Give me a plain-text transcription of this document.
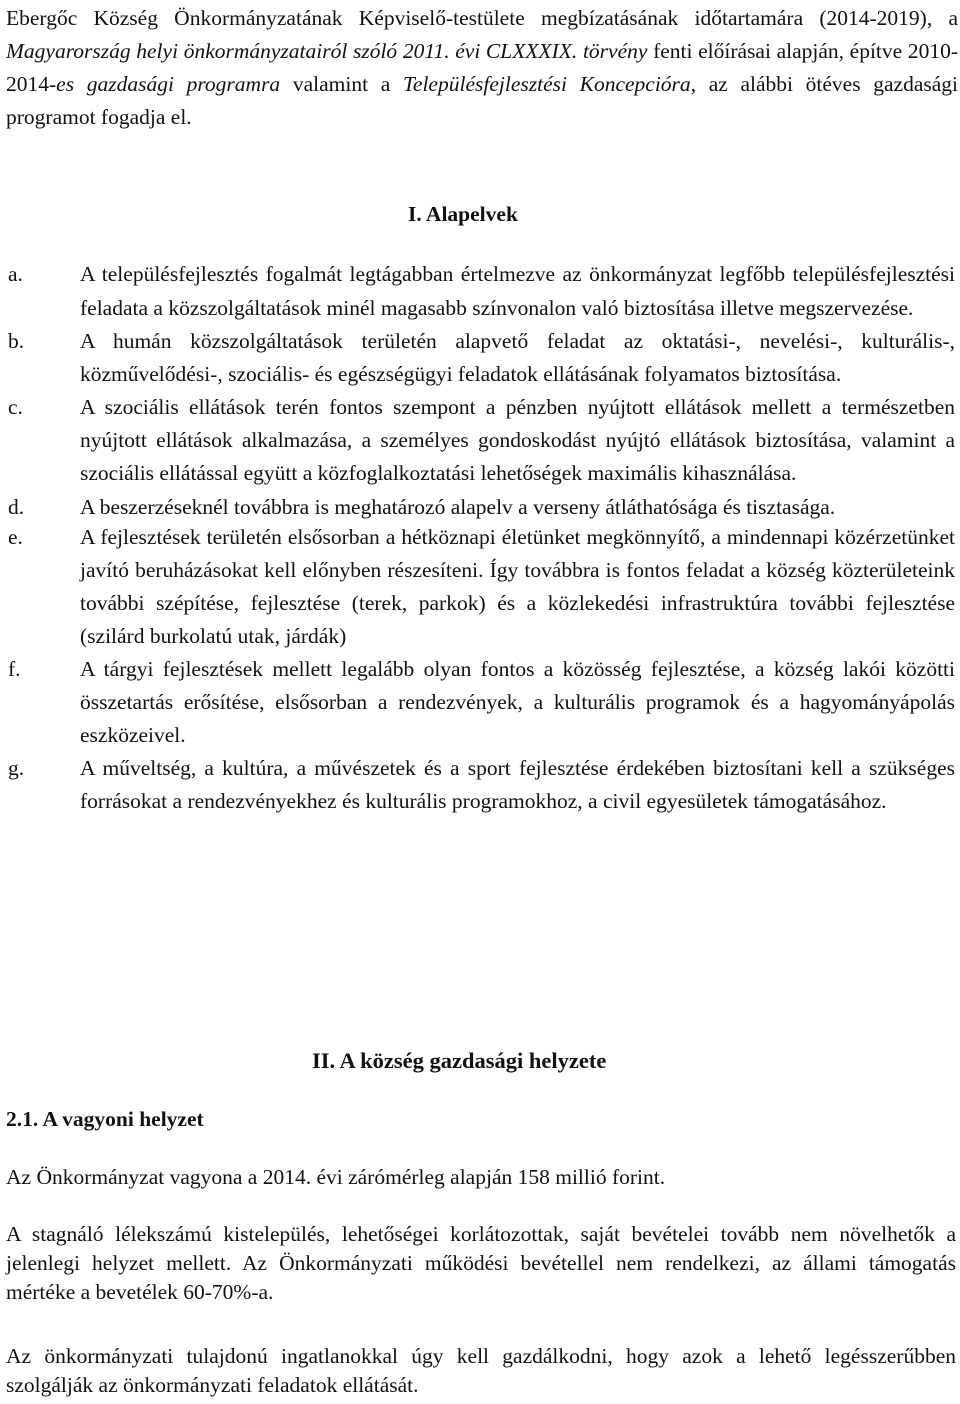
Ebergőc Község Önkormányzatának Képviselő-testülete megbízatásának időtartamára (2014-2019), a Magyarország helyi önkormányzatairól szóló 2011. évi CLXXXIX. törvény fenti előírásai alapján, építve 2010-2014-es gazdasági programra valamint a Településfejlesztési Koncepcióra, az alábbi ötéves gazdasági programot fogadja el.

I. Alapelvek
a.	A településfejlesztés fogalmát legtágabban értelmezve az önkormányzat legfőbb településfejlesztési feladata a közszolgáltatások minél magasabb színvonalon való biztosítása illetve megszervezése.
b.	A humán közszolgáltatások területén alapvető feladat az oktatási-, nevelési-, kulturális-, közművelődési-, szociális- és egészségügyi feladatok ellátásának folyamatos biztosítása.
c.	A szociális ellátások terén fontos szempont a pénzben nyújtott ellátások mellett a természetben nyújtott ellátások alkalmazása, a személyes gondoskodást nyújtó ellátások biztosítása, valamint a szociális ellátással együtt a közfoglalkoztatási lehetőségek maximális kihasználása.
d.	A beszerzéseknél továbbra is meghatározó alapelv a verseny átláthatósága és tisztasága.
e.	A fejlesztések területén elsősorban a hétköznapi életünket megkönnyítő, a mindennapi közérzetünket javító beruházásokat kell előnyben részesíteni. Így továbbra is fontos feladat a község közterületeink további szépítése, fejlesztése (terek, parkok) és a közlekedési infrastruktúra további fejlesztése (szilárd burkolatú utak, járdák)
f.	A tárgyi fejlesztések mellett legalább olyan fontos a közösség fejlesztése, a község lakói közötti összetartás erősítése, elsősorban a rendezvények, a kulturális programok és a hagyományápolás eszközeivel.
g.	A műveltség, a kultúra, a művészetek és a sport fejlesztése érdekében biztosítani kell a szükséges forrásokat a rendezvényekhez és kulturális programokhoz, a civil egyesületek támogatásához.
II. A község gazdasági helyzete
2.1. A vagyoni helyzet

Az Önkormányzat vagyona a 2014. évi zárómérleg alapján 158 millió forint.

A stagnáló lélekszámú kistelepülés, lehetőségei korlátozottak, saját bevételei tovább nem növelhetők a jelenlegi helyzet mellett. Az Önkormányzati működési bevétellel nem rendelkezi, az állami támogatás mértéke a bevetélek 60-70%-a.

Az önkormányzati tulajdonú ingatlanokkal úgy kell gazdálkodni, hogy azok a lehető legésszerűbben szolgálják az önkormányzati feladatok ellátását.
